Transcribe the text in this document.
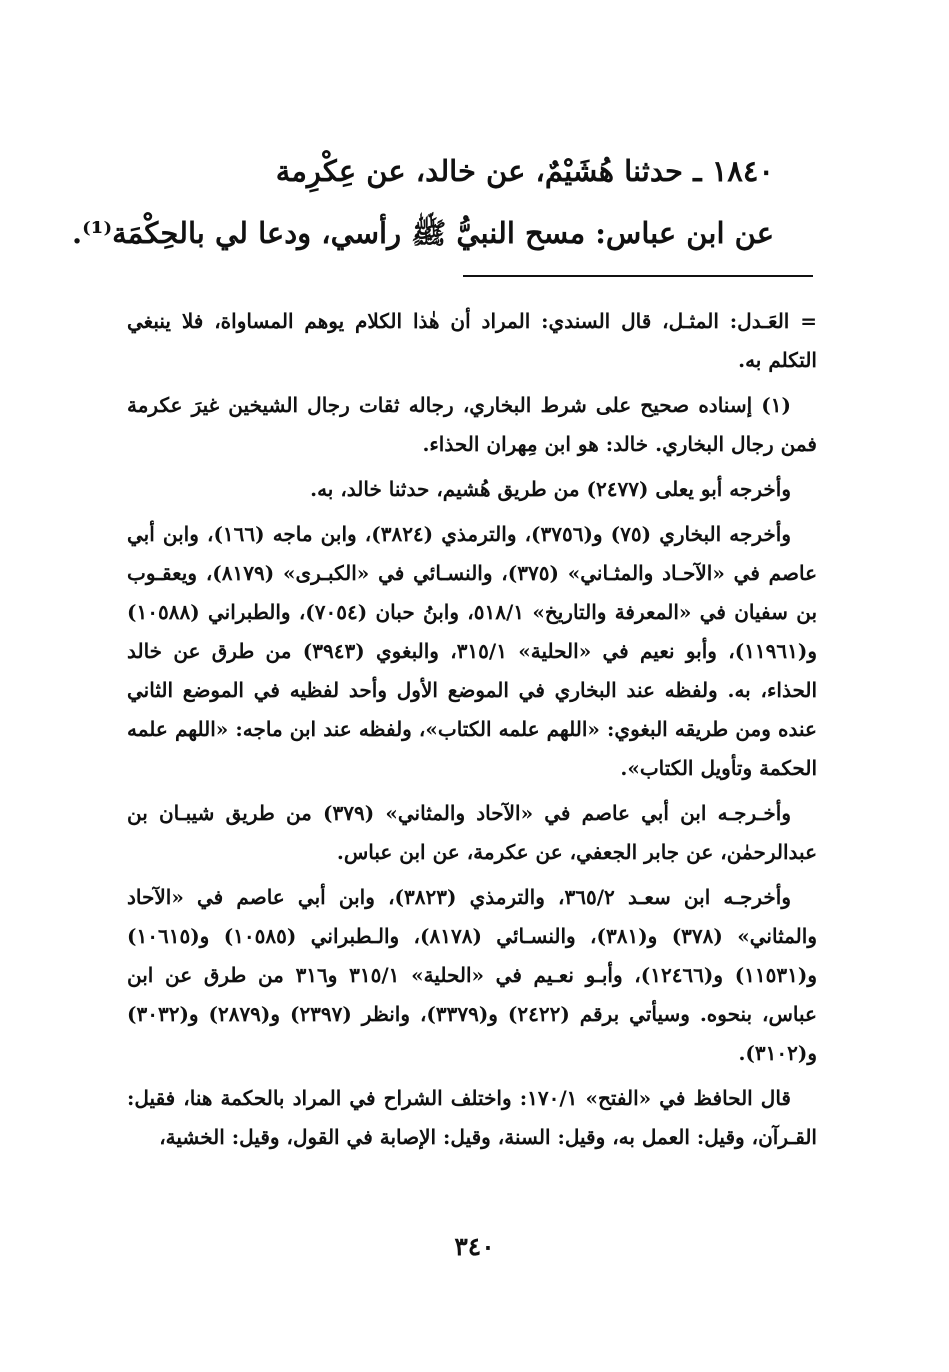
١٨٤٠ ـ حدثنا هُشَيْمٌ، عن خالد، عن عِكْرِمة

عن ابن عباس: مسح النبيُّ ﷺ رأسي، ودعا لي بالحِكْمَة⁽¹⁾.

= العَـدل: المثـل، قال السندي: المراد أن هٰذا الكلام يوهم المساواة، فلا ينبغي التكلم به.

(١) إسناده صحيح على شرط البخاري، رجاله ثقات رجال الشيخين غيرَ عكرمة فمن رجال البخاري. خالد: هو ابن مِهران الحذاء.

وأخرجه أبو يعلى (٢٤٧٧) من طريق هُشيم، حدثنا خالد، به.

وأخرجه البخاري (٧٥) و(٣٧٥٦)، والترمذي (٣٨٢٤)، وابن ماجه (١٦٦)، وابن أبي عاصم في «الآحـاد والمثـاني» (٣٧٥)، والنسـائي في «الكبـرى» (٨١٧٩)، ويعقـوب بن سفيان في «المعرفة والتاريخ» ٥١٨/١، وابنُ حبان (٧٠٥٤)، والطبراني (١٠٥٨٨) و(١١٩٦١)، وأبو نعيم في «الحلية» ٣١٥/١، والبغوي (٣٩٤٣) من طرق عن خالد الحذاء، به. ولفظه عند البخاري في الموضع الأول وأحد لفظيه في الموضع الثاني عنده ومن طريقه البغوي: «اللهم علمه الكتاب»، ولفظه عند ابن ماجه: «اللهم علمه الحكمة وتأويل الكتاب».

وأخـرجـه ابن أبي عاصم في «الآحاد والمثاني» (٣٧٩) من طريق شيبـان بن عبدالرحمٰن، عن جابر الجعفي، عن عكرمة، عن ابن عباس.

وأخرجـه ابن سعـد ٣٦٥/٢، والترمذي (٣٨٢٣)، وابن أبي عاصم في «الآحاد والمثاني» (٣٧٨) و(٣٨١)، والنسـائي (٨١٧٨)، والـطبراني (١٠٥٨٥) و(١٠٦١٥) و(١١٥٣١) و(١٢٤٦٦)، وأبـو نعـيم في «الحلية» ٣١٥/١ و٣١٦ من طرق عن ابن عباس، بنحوه. وسيأتي برقم (٢٤٢٢) و(٣٣٧٩)، وانظر (٢٣٩٧) و(٢٨٧٩) و(٣٠٣٢) و(٣١٠٢).

قال الحافظ في «الفتح» ١٧٠/١: واختلف الشراح في المراد بالحكمة هنا، فقيل: القـرآن، وقيل: العمل به، وقيل: السنة، وقيل: الإصابة في القول، وقيل: الخشية،

٣٤٠
